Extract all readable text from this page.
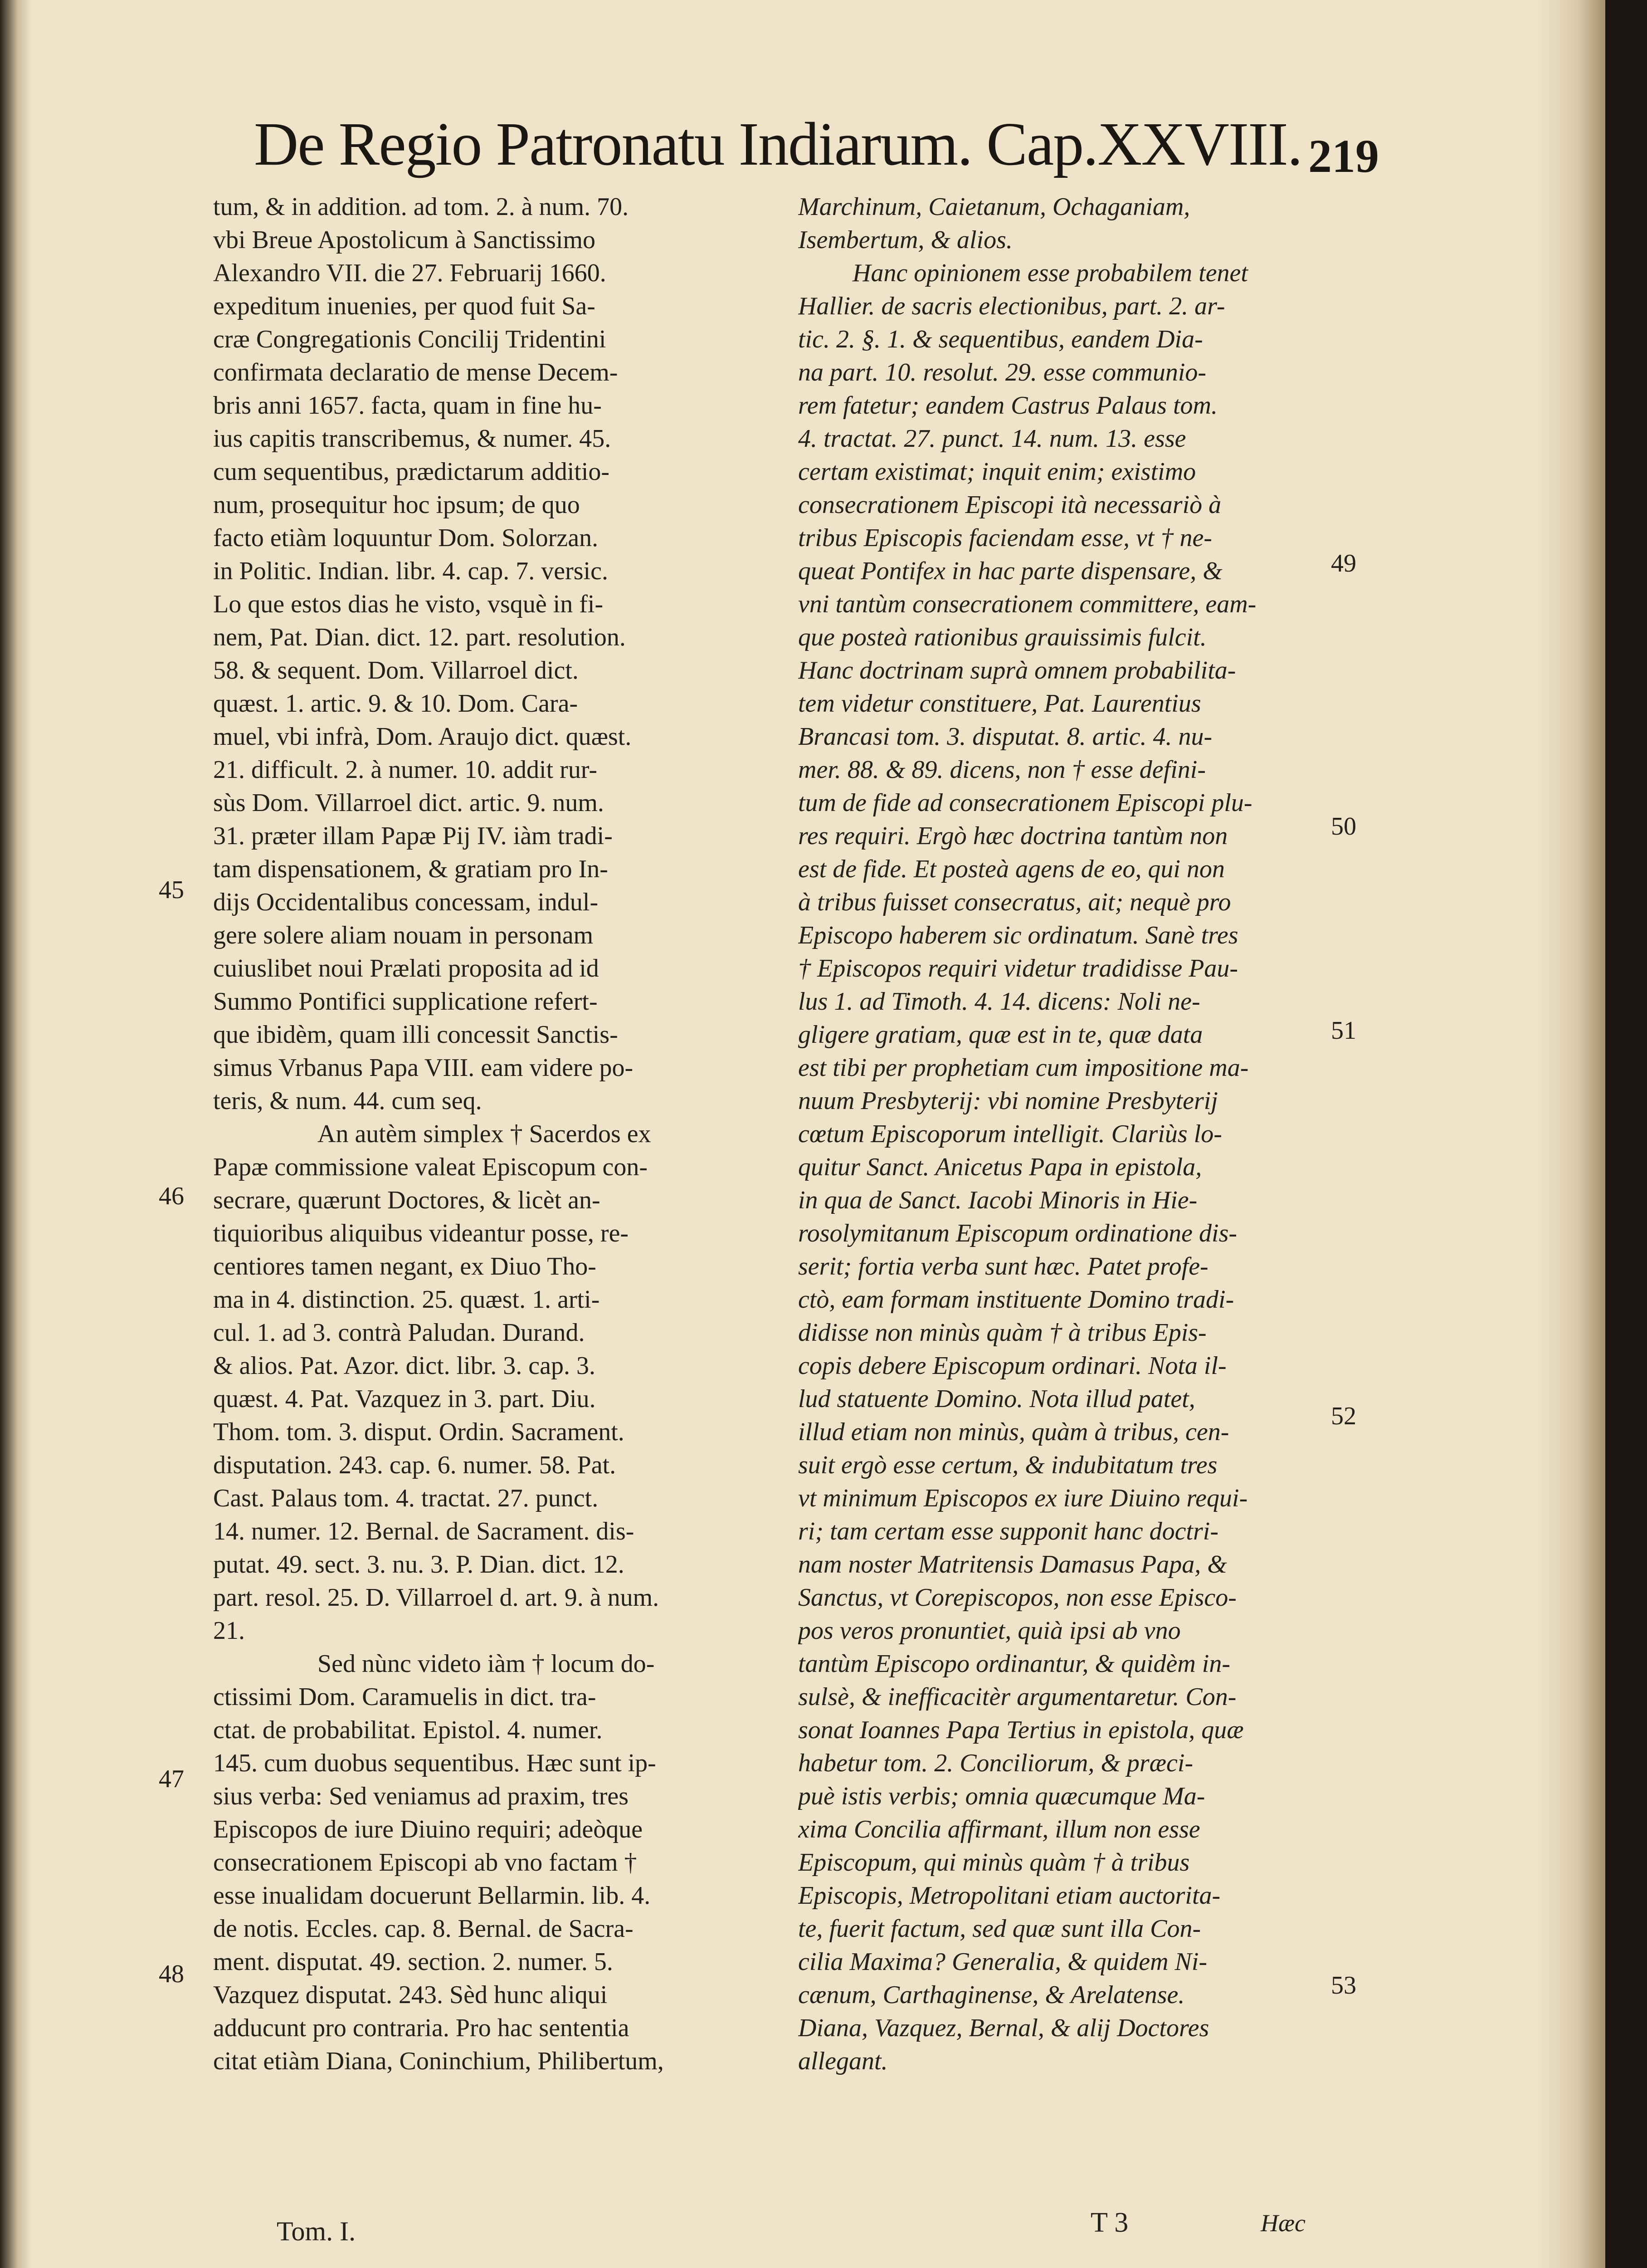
De Regio Patronatu Indiarum. Cap.XXVIII. 219
tum, & in addition. ad tom. 2. à num. 70.
vbi Breue Apostolicum à Sanctissimo
Alexandro VII. die 27. Februarij 1660.
expeditum inuenies, per quod fuit Sa-
cræ Congregationis Concilij Tridentini
confirmata declaratio de mense Decem-
bris anni 1657. facta, quam in fine hu-
ius capitis transcribemus, & numer. 45.
cum sequentibus, prædictarum additio-
num, prosequitur hoc ipsum; de quo
facto etiàm loquuntur Dom. Solorzan.
in Politic. Indian. libr. 4. cap. 7. versic.
Lo que estos dias he visto, vsquè in fi-
nem, Pat. Dian. dict. 12. part. resolution.
58. & sequent. Dom. Villarroel dict.
quæst. 1. artic. 9. & 10. Dom. Cara-
muel, vbi infrà, Dom. Araujo dict. quæst.
21. difficult. 2. à numer. 10. addit rur-
sùs Dom. Villarroel dict. artic. 9. num.
31. præter illam Papæ Pij IV. iàm tradi-
tam dispensationem, & gratiam pro In-
dijs Occidentalibus concessam, indul-
gere solere aliam nouam in personam
cuiuslibet noui Prælati proposita ad id
Summo Pontifici supplicatione refert-
que ibidèm, quam illi concessit Sanctis-
simus Vrbanus Papa VIII. eam videre po-
teris, & num. 44. cum seq.
An autèm simplex † Sacerdos ex
Papæ commissione valeat Episcopum con-
secrare, quærunt Doctores, & licèt an-
tiquioribus aliquibus videantur posse, re-
centiores tamen negant, ex Diuo Tho-
ma in 4. distinction. 25. quæst. 1. arti-
cul. 1. ad 3. contrà Paludan. Durand.
& alios. Pat. Azor. dict. libr. 3. cap. 3.
quæst. 4. Pat. Vazquez in 3. part. Diu.
Thom. tom. 3. disput. Ordin. Sacrament.
disputation. 243. cap. 6. numer. 58. Pat.
Cast. Palaus tom. 4. tractat. 27. punct.
14. numer. 12. Bernal. de Sacrament. dis-
putat. 49. sect. 3. nu. 3. P. Dian. dict. 12.
part. resol. 25. D. Villarroel d. art. 9. à num.
21.
Sed nùnc videto iàm † locum do-
ctissimi Dom. Caramuelis in dict. tra-
ctat. de probabilitat. Epistol. 4. numer.
145. cum duobus sequentibus. Hæc sunt ip-
sius verba: Sed veniamus ad praxim, tres
Episcopos de iure Diuino requiri; adeòque
consecrationem Episcopi ab vno factam †
esse inualidam docuerunt Bellarmin. lib. 4.
de notis. Eccles. cap. 8. Bernal. de Sacra-
ment. disputat. 49. section. 2. numer. 5.
Vazquez disputat. 243. Sèd hunc aliqui
adducunt pro contraria. Pro hac sententia
citat etiàm Diana, Coninchium, Philibertum,
Marchinum, Caietanum, Ochaganiam,
Isembertum, & alios.
Hanc opinionem esse probabilem tenet
Hallier. de sacris electionibus, part. 2. ar-
tic. 2. §. 1. & sequentibus, eandem Dia-
na part. 10. resolut. 29. esse communio-
rem fatetur; eandem Castrus Palaus tom.
4. tractat. 27. punct. 14. num. 13. esse
certam existimat; inquit enim; existimo
consecrationem Episcopi ità necessariò à
tribus Episcopis faciendam esse, vt † ne-
queat Pontifex in hac parte dispensare, &
vni tantùm consecrationem committere, eam-
que posteà rationibus grauissimis fulcit.
Hanc doctrinam suprà omnem probabilita-
tem videtur constituere, Pat. Laurentius
Brancasi tom. 3. disputat. 8. artic. 4. nu-
mer. 88. & 89. dicens, non † esse defini-
tum de fide ad consecrationem Episcopi plu-
res requiri. Ergò hæc doctrina tantùm non
est de fide. Et posteà agens de eo, qui non
à tribus fuisset consecratus, ait; nequè pro
Episcopo haberem sic ordinatum. Sanè tres
† Episcopos requiri videtur tradidisse Pau-
lus 1. ad Timoth. 4. 14. dicens: Noli ne-
gligere gratiam, quæ est in te, quæ data
est tibi per prophetiam cum impositione ma-
nuum Presbyterij: vbi nomine Presbyterij
cœtum Episcoporum intelligit. Clariùs lo-
quitur Sanct. Anicetus Papa in epistola,
in qua de Sanct. Iacobi Minoris in Hie-
rosolymitanum Episcopum ordinatione dis-
serit; fortia verba sunt hæc. Patet profe-
ctò, eam formam instituente Domino tradi-
didisse non minùs quàm † à tribus Epis-
copis debere Episcopum ordinari. Nota il-
lud statuente Domino. Nota illud patet,
illud etiam non minùs, quàm à tribus, cen-
suit ergò esse certum, & indubitatum tres
vt minimum Episcopos ex iure Diuino requi-
ri; tam certam esse supponit hanc doctri-
nam noster Matritensis Damasus Papa, &
Sanctus, vt Corepiscopos, non esse Episco-
pos veros pronuntiet, quià ipsi ab vno
tantùm Episcopo ordinantur, & quidèm in-
sulsè, & inefficacitèr argumentaretur. Con-
sonat Ioannes Papa Tertius in epistola, quæ
habetur tom. 2. Conciliorum, & præci-
puè istis verbis; omnia quæcumque Ma-
xima Concilia affirmant, illum non esse
Episcopum, qui minùs quàm † à tribus
Episcopis, Metropolitani etiam auctorita-
te, fuerit factum, sed quæ sunt illa Con-
cilia Maxima? Generalia, & quidem Ni-
cænum, Carthaginense, & Arelatense.
Diana, Vazquez, Bernal, & alij Doctores
allegant.
45
46
47
48
49
50
51
52
53
Tom. I.	T 3	Hæc
